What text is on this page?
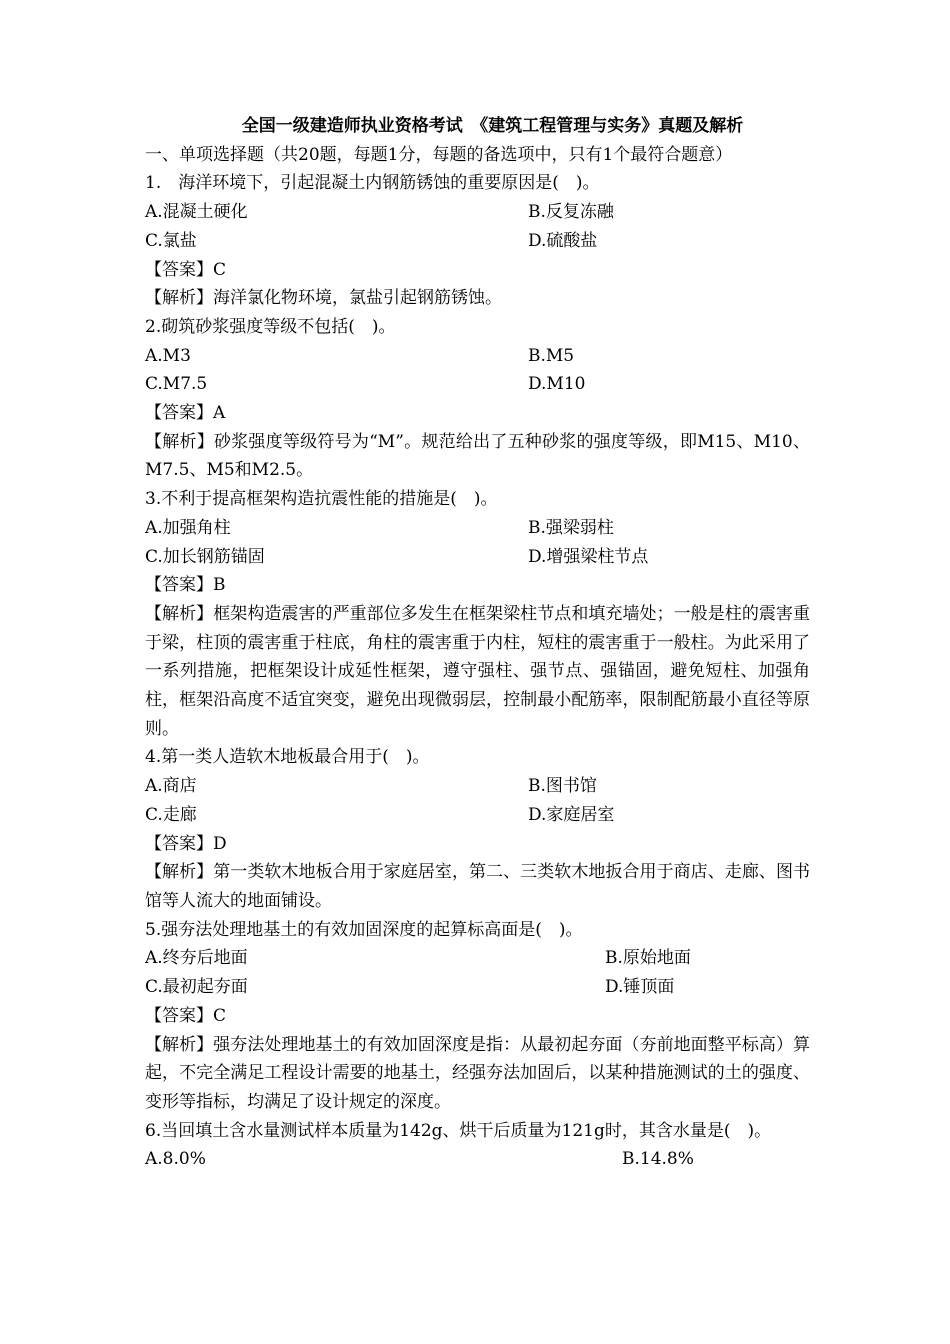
全国一级建造师执业资格考试　《建筑工程管理与实务》真题及解析
一、单项选择题（共20题，每题1分，每题的备选项中，只有1个最符合题意）
1.　海洋环境下，引起混凝土内钢筋锈蚀的重要原因是(　)。
A.混凝土硬化	B.反复冻融
C.氯盐	D.硫酸盐
【答案】C
【解析】海洋氯化物环境，氯盐引起钢筋锈蚀。
2.砌筑砂浆强度等级不包括(　)。
A.M3	B.M5
C.M7.5	D.M10
【答案】A
【解析】砂浆强度等级符号为“M”。规范给出了五种砂浆的强度等级，即M15、M10、M7.5、M5和M2.5。
3.不利于提高框架构造抗震性能的措施是(　)。
A.加强角柱	B.强梁弱柱
C.加长钢筋锚固	D.增强梁柱节点
【答案】B
【解析】框架构造震害的严重部位多发生在框架梁柱节点和填充墙处；一般是柱的震害重于梁，柱顶的震害重于柱底，角柱的震害重于内柱，短柱的震害重于一般柱。为此采用了一系列措施，把框架设计成延性框架，遵守强柱、强节点、强锚固，避免短柱、加强角柱，框架沿高度不适宜突变，避免出现微弱层，控制最小配筋率，限制配筋最小直径等原则。
4.第一类人造软木地板最合用于(　)。
A.商店	B.图书馆
C.走廊	D.家庭居室
【答案】D
【解析】第一类软木地板合用于家庭居室，第二、三类软木地扳合用于商店、走廊、图书馆等人流大的地面铺设。
5.强夯法处理地基土的有效加固深度的起算标高面是(　)。
A.终夯后地面	B.原始地面
C.最初起夯面	D.锤顶面
【答案】C
【解析】强夯法处理地基土的有效加固深度是指：从最初起夯面（夯前地面整平标高）算起，不完全满足工程设计需要的地基土，经强夯法加固后，以某种措施测试的土的强度、变形等指标，均满足了设计规定的深度。
6.当回填土含水量测试样本质量为142g、烘干后质量为121g时，其含水量是(　)。
A.8.0%	B.14.8%
